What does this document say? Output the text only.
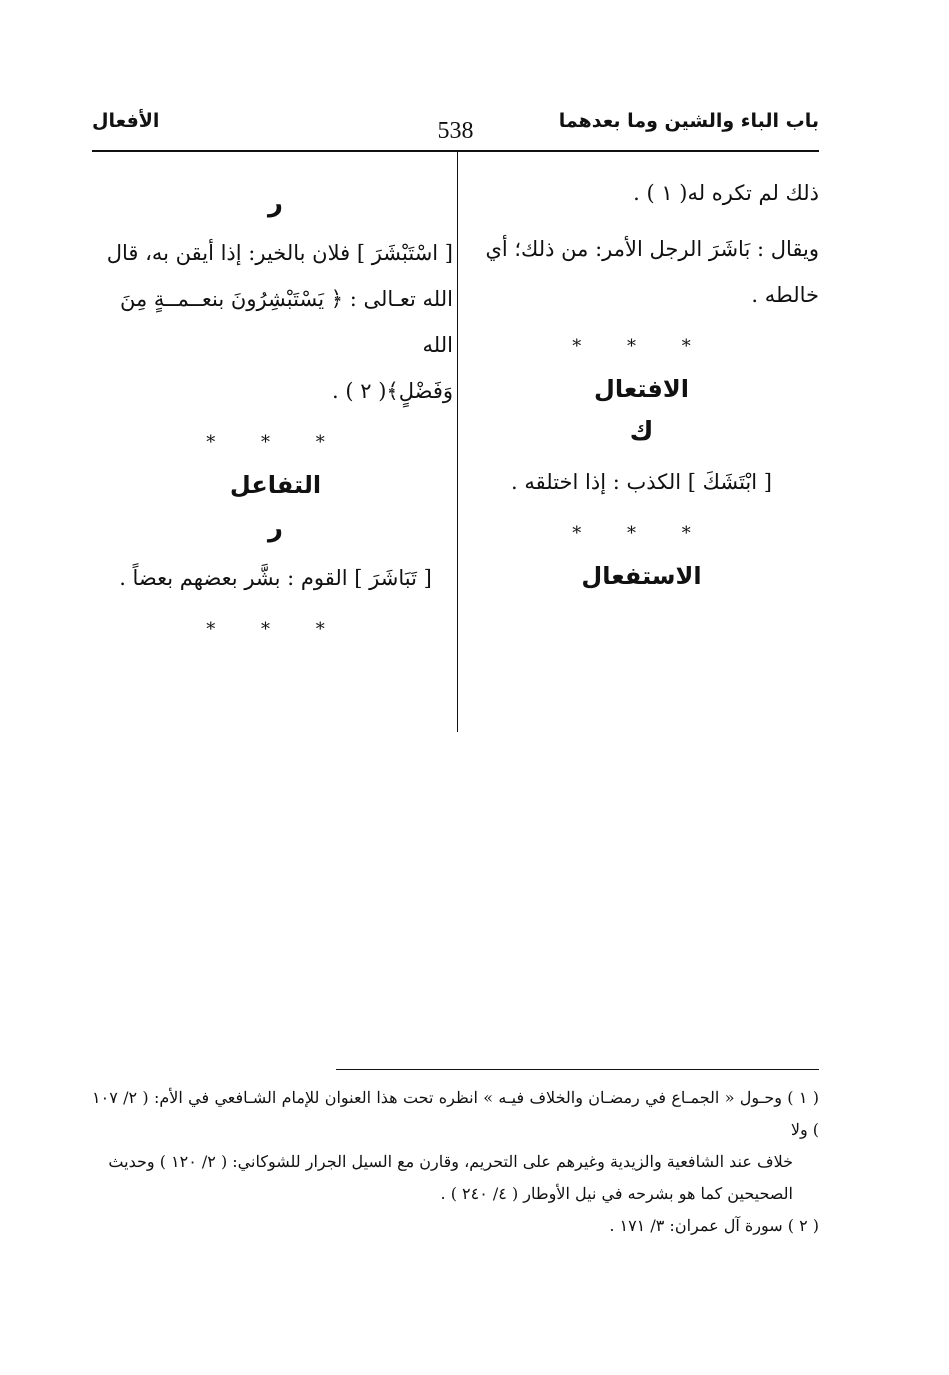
باب الباء والشين وما بعدهما
538
الأفعال

ذلك لم تكره له( ١ ) .

ويقال : بَاشَرَ الرجل الأمر: من ذلك؛ أي

خالطه .

* * *
الافتعال
ك

[ ابْتَشَكَ ] الكذب : إذا اختلقه .

* * *
الاستفعال
ر

[ اسْتَبْشَرَ ] فلان بالخير: إذا أيقن به، قال

الله تعـالى : ﴿ يَسْتَبْشِرُونَ بنعــمــةٍ مِنَ الله

وَفَضْلٍ﴾( ٢ ) .

* * *
التفاعل
ر

[ تَبَاشَرَ ] القوم : بشَّر بعضهم بعضاً .

* * *

( ١ ) وحـول « الجمـاع في رمضـان والخلاف فيـه » انظره تحت هذا العنوان للإمام الشـافعي في الأم: ( ٢/ ١٠٧ ) ولا

خلاف عند الشافعية والزيدية وغيرهم على التحريم، وقارن مع السيل الجرار للشوكاني: ( ٢/ ١٢٠ ) وحديث

الصحيحين كما هو بشرحه في نيل الأوطار ( ٤/ ٢٤٠ ) .

( ٢ ) سورة آل عمران: ٣/ ١٧١ .
